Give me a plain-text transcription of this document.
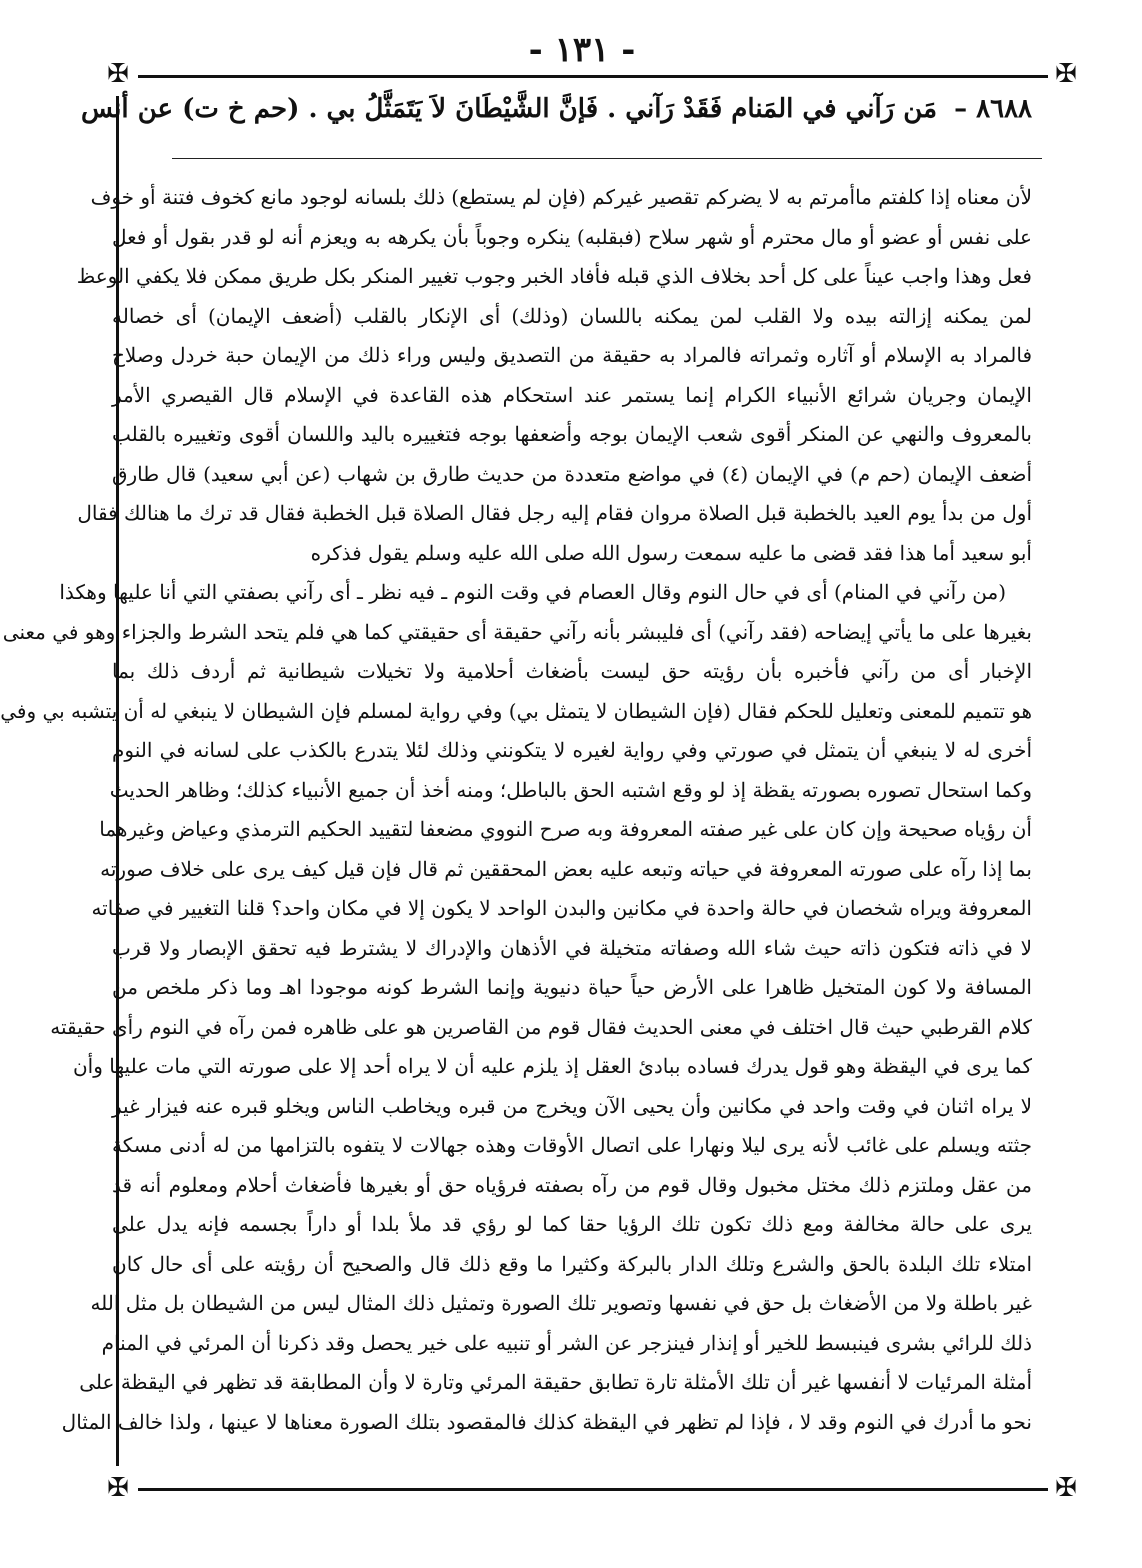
- ١٣١ -
✠	✠
✠	✠
٨٦٨٨ – مَن رَآني في المَنام فَقَدْ رَآني . فَإنَّ الشَّيْطَانَ لاَ يَتَمَثَّلُ بي . (حم خ ت) عن أنس
لأن معناه إذا كلفتم ماأمرتم به لا يضركم تقصير غيركم (فإن لم يستطع) ذلك بلسانه لوجود مانع كخوف فتنة أو خوف
على نفس أو عضو أو مال محترم أو شهر سلاح (فبقلبه) ينكره وجوباً بأن يكرهه به ويعزم أنه لو قدر بقول أو فعل
فعل وهذا واجب عيناً على كل أحد بخلاف الذي قبله فأفاد الخبر وجوب تغيير المنكر بكل طريق ممكن فلا يكفي الوعظ
لمن يمكنه إزالته بيده ولا القلب لمن يمكنه باللسان (وذلك) أى الإنكار بالقلب (أضعف الإيمان) أى خصاله
فالمراد به الإسلام أو آثاره وثمراته فالمراد به حقيقة من التصديق وليس وراء ذلك من الإيمان حبة خردل وصلاح
الإيمان وجريان شرائع الأنبياء الكرام إنما يستمر عند استحكام هذه القاعدة في الإسلام قال القيصري الأمر
بالمعروف والنهي عن المنكر أقوى شعب الإيمان بوجه وأضعفها بوجه فتغييره باليد واللسان أقوى وتغييره بالقلب
أضعف الإيمان (حم م) في الإيمان (٤) في مواضع متعددة من حديث طارق بن شهاب (عن أبي سعيد) قال طارق
أول من بدأ يوم العيد بالخطبة قبل الصلاة مروان فقام إليه رجل فقال الصلاة قبل الخطبة فقال قد ترك ما هنالك فقال
أبو سعيد أما هذا فقد قضى ما عليه سمعت رسول الله صلى الله عليه وسلم يقول فذكره
(من رآني في المنام) أى في حال النوم وقال العصام في وقت النوم ـ فيه نظر ـ أى رآني بصفتي التي أنا عليها وهكذا
بغيرها على ما يأتي إيضاحه (فقد رآني) أى فليبشر بأنه رآني حقيقة أى حقيقتي كما هي فلم يتحد الشرط والجزاء وهو في معنى
الإخبار أى من رآني فأخبره بأن رؤيته حق ليست بأضغاث أحلامية ولا تخيلات شيطانية ثم أردف ذلك بما
هو تتميم للمعنى وتعليل للحكم فقال (فإن الشيطان لا يتمثل بي) وفي رواية لمسلم فإن الشيطان لا ينبغي له أن يتشبه بي وفي
أخرى له لا ينبغي أن يتمثل في صورتي وفي رواية لغيره لا يتكونني وذلك لئلا يتدرع بالكذب على لسانه في النوم
وكما استحال تصوره بصورته يقظة إذ لو وقع اشتبه الحق بالباطل؛ ومنه أخذ أن جميع الأنبياء كذلك؛ وظاهر الحديث
أن رؤياه صحيحة وإن كان على غير صفته المعروفة وبه صرح النووي مضعفا لتقييد الحكيم الترمذي وعياض وغيرهما
بما إذا رآه على صورته المعروفة في حياته وتبعه عليه بعض المحققين ثم قال فإن قيل كيف يرى على خلاف صورته
المعروفة ويراه شخصان في حالة واحدة في مكانين والبدن الواحد لا يكون إلا في مكان واحد؟ قلنا التغيير في صفاته
لا في ذاته فتكون ذاته حيث شاء الله وصفاته متخيلة في الأذهان والإدراك لا يشترط فيه تحقق الإبصار ولا قرب
المسافة ولا كون المتخيل ظاهرا على الأرض حياً حياة دنيوية وإنما الشرط كونه موجودا اهـ وما ذكر ملخص من
كلام القرطبي حيث قال اختلف في معنى الحديث فقال قوم من القاصرين هو على ظاهره فمن رآه في النوم رأى حقيقته
كما يرى في اليقظة وهو قول يدرك فساده ببادئ العقل إذ يلزم عليه أن لا يراه أحد إلا على صورته التي مات عليها وأن
لا يراه اثنان في وقت واحد في مكانين وأن يحيى الآن ويخرج من قبره ويخاطب الناس ويخلو قبره عنه فيزار غير
جثته ويسلم على غائب لأنه يرى ليلا ونهارا على اتصال الأوقات وهذه جهالات لا يتفوه بالتزامها من له أدنى مسكة
من عقل وملتزم ذلك مختل مخبول وقال قوم من رآه بصفته فرؤياه حق أو بغيرها فأضغاث أحلام ومعلوم أنه قد
يرى على حالة مخالفة ومع ذلك تكون تلك الرؤيا حقا كما لو رؤي قد ملأ بلدا أو داراً بجسمه فإنه يدل على
امتلاء تلك البلدة بالحق والشرع وتلك الدار بالبركة وكثيرا ما وقع ذلك قال والصحيح أن رؤيته على أى حال كان
غير باطلة ولا من الأضغاث بل حق في نفسها وتصوير تلك الصورة وتمثيل ذلك المثال ليس من الشيطان بل مثل الله
ذلك للرائي بشرى فينبسط للخير أو إنذار فينزجر عن الشر أو تنبيه على خير يحصل وقد ذكرنا أن المرئي في المنام
أمثلة المرئيات لا أنفسها غير أن تلك الأمثلة تارة تطابق حقيقة المرئي وتارة لا وأن المطابقة قد تظهر في اليقظة على
نحو ما أدرك في النوم وقد لا ، فإذا لم تظهر في اليقظة كذلك فالمقصود بتلك الصورة معناها لا عينها ، ولذا خالف المثال
